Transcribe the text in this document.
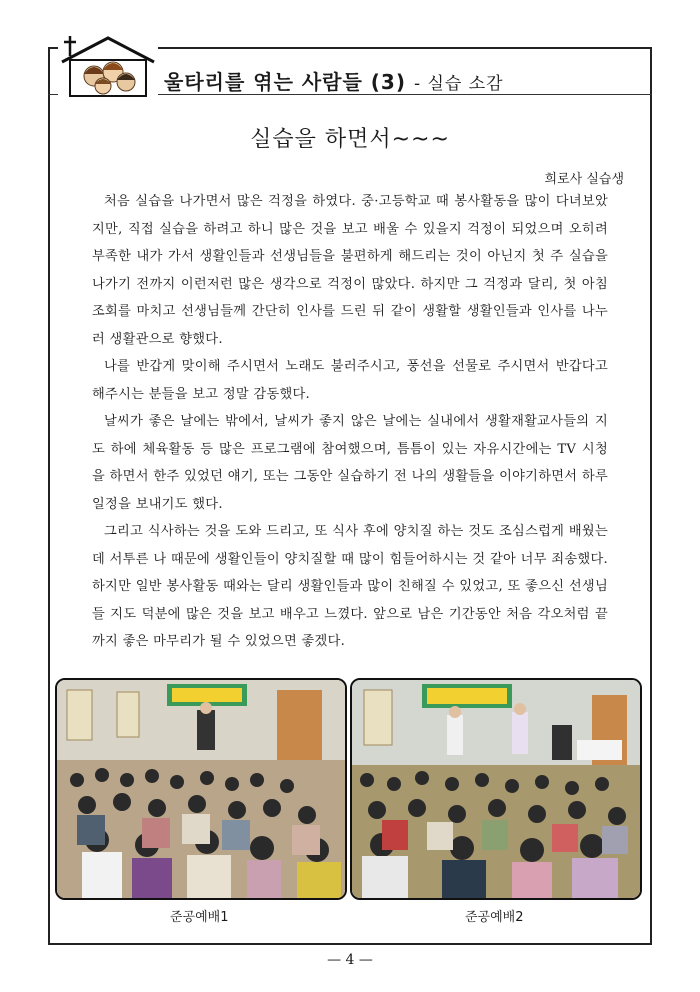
울타리를 엮는 사람들 (3) - 실습 소감
실습을 하면서~~~
희로사 실습생

처음 실습을 나가면서 많은 걱정을 하였다. 중·고등학교 때 봉사활동을 많이 다녀보았지만, 직접 실습을 하려고 하니 많은 것을 보고 배울 수 있을지 걱정이 되었으며 오히려 부족한 내가 가서 생활인들과 선생님들을 불편하게 해드리는 것이 아닌지 첫 주 실습을 나가기 전까지 이런저런 많은 생각으로 걱정이 많았다. 하지만 그 걱정과 달리, 첫 아침 조회를 마치고 선생님들께 간단히 인사를 드린 뒤 같이 생활할 생활인들과 인사를 나누러 생활관으로 향했다.

나를 반갑게 맞이해 주시면서 노래도 불러주시고, 풍선을 선물로 주시면서 반갑다고 해주시는 분들을 보고 정말 감동했다.

날씨가 좋은 날에는 밖에서, 날씨가 좋지 않은 날에는 실내에서 생활재활교사들의 지도 하에 체육활동 등 많은 프로그램에 참여했으며, 틈틈이 있는 자유시간에는 TV 시청을 하면서 한주 있었던 얘기, 또는 그동안 실습하기 전 나의 생활들을 이야기하면서 하루 일정을 보내기도 했다.

그리고 식사하는 것을 도와 드리고, 또 식사 후에 양치질 하는 것도 조심스럽게 배웠는데 서투른 나 때문에 생활인들이 양치질할 때 많이 힘들어하시는 것 같아 너무 죄송했다. 하지만 일반 봉사활동 때와는 달리 생활인들과 많이 친해질 수 있었고, 또 좋으신 선생님들 지도 덕분에 많은 것을 보고 배우고 느꼈다. 앞으로 남은 기간동안 처음 각오처럼 끝까지 좋은 마무리가 될 수 있었으면 좋겠다.

준공예배1	준공예배2
— 4 —
